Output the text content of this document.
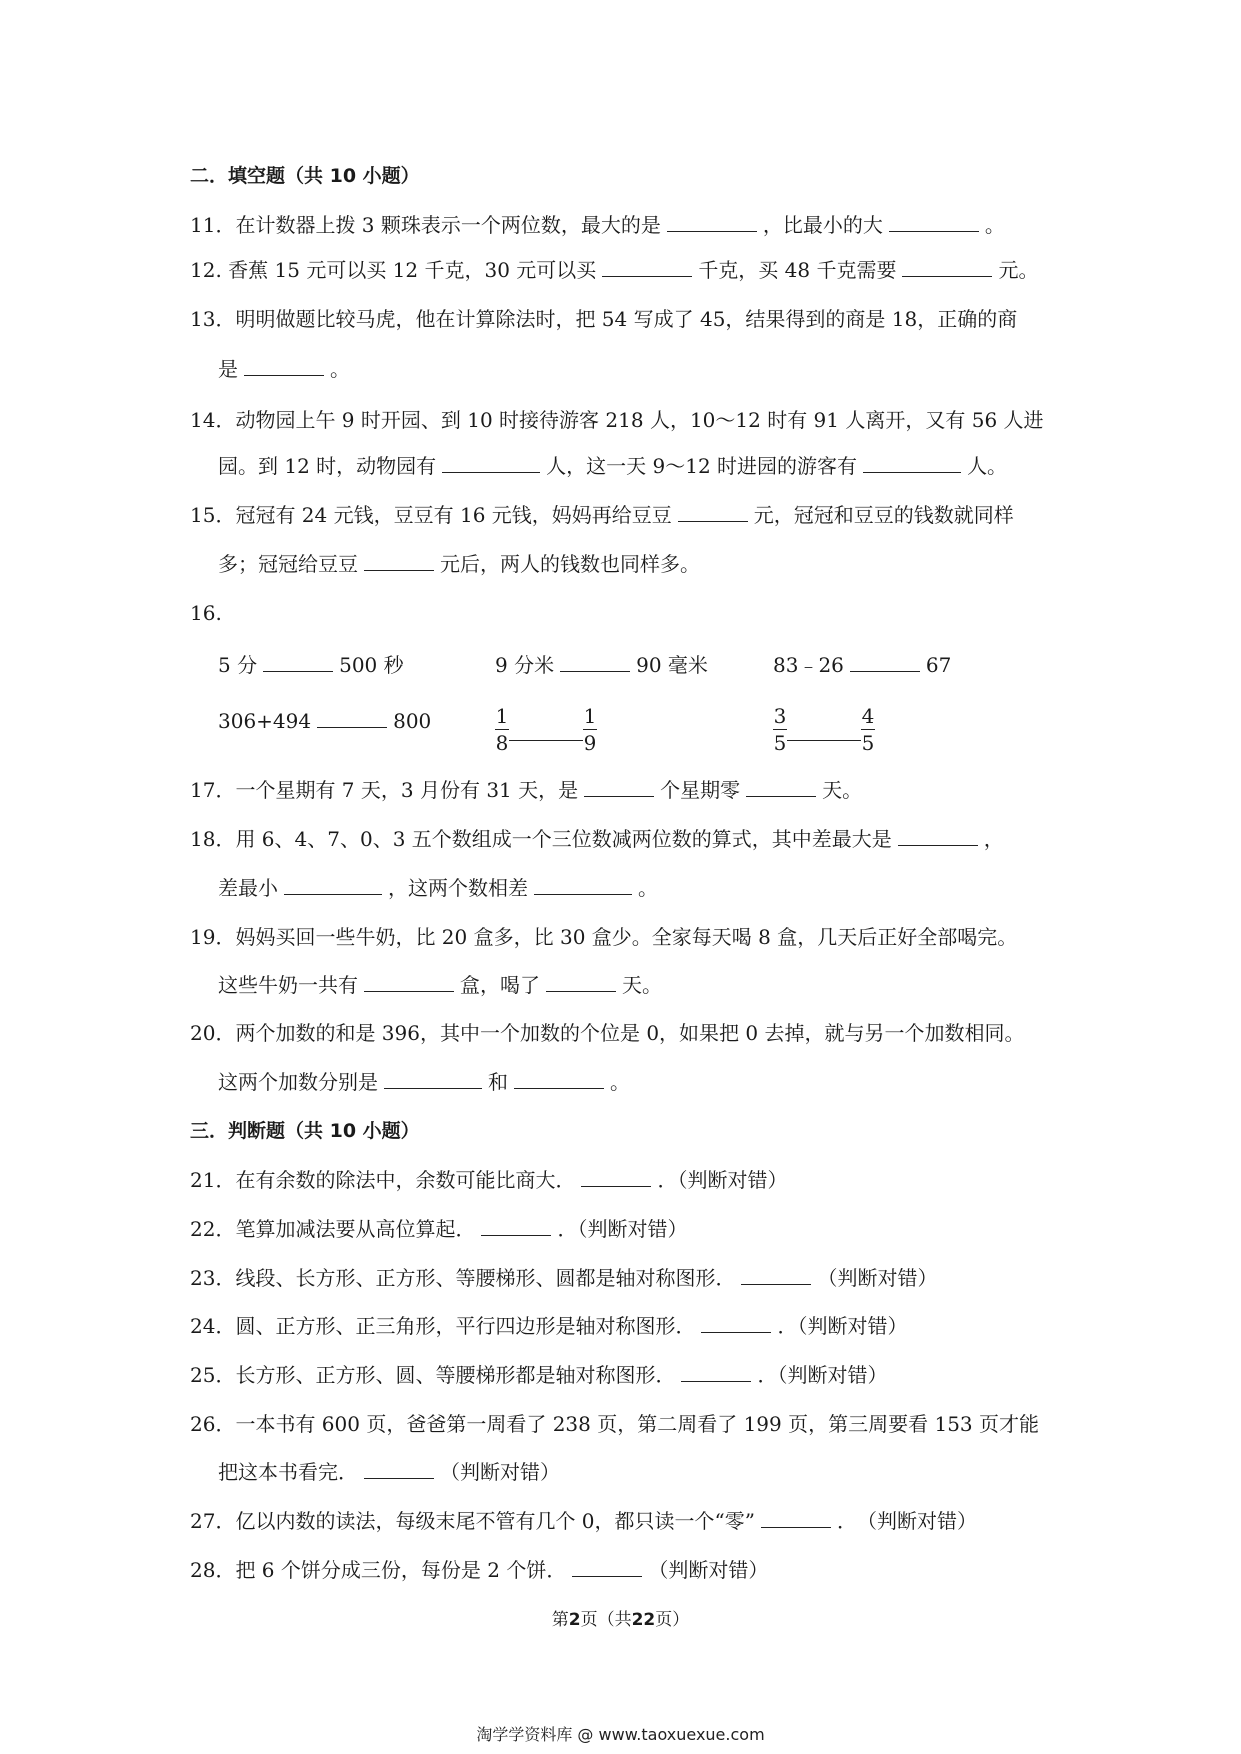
二．填空题（共 10 小题）
11．在计数器上拨 3 颗珠表示一个两位数，最大的是	，比最小的大	。
12. 香蕉 15 元可以买 12 千克，30 元可以买	千克，买 48 千克需要	元。
13．明明做题比较马虎，他在计算除法时，把 54 写成了 45，结果得到的商是 18，正确的商
是	。
14．动物园上午 9 时开园、到 10 时接待游客 218 人，10～12 时有 91 人离开，又有 56 人进
园。到 12 时，动物园有	人，这一天 9～12 时进园的游客有	人。
15．冠冠有 24 元钱，豆豆有 16 元钱，妈妈再给豆豆	元，冠冠和豆豆的钱数就同样
多；冠冠给豆豆	元后，两人的钱数也同样多。
16.
5 分	500 秒	9 分米	90 毫米	83﹣26	67
306+494	800	$\frac{1}{8}$	$\frac{1}{9}$	$\frac{3}{5}$	$\frac{4}{5}$
17．一个星期有 7 天，3 月份有 31 天，是	个星期零	天。
18．用 6、4、7、0、3 五个数组成一个三位数减两位数的算式，其中差最大是	，
差最小	，这两个数相差	。
19．妈妈买回一些牛奶，比 20 盒多，比 30 盒少。全家每天喝 8 盒，几天后正好全部喝完。
这些牛奶一共有	盒，喝了	天。
20．两个加数的和是 396，其中一个加数的个位是 0，如果把 0 去掉，就与另一个加数相同。
这两个加数分别是	和	。
三．判断题（共 10 小题）
21．在有余数的除法中，余数可能比商大．	．（判断对错）
22．笔算加减法要从高位算起．	．（判断对错）
23．线段、长方形、正方形、等腰梯形、圆都是轴对称图形．	（判断对错）
24．圆、正方形、正三角形，平行四边形是轴对称图形．	．（判断对错）
25．长方形、正方形、圆、等腰梯形都是轴对称图形．	．（判断对错）
26．一本书有 600 页，爸爸第一周看了 238 页，第二周看了 199 页，第三周要看 153 页才能
把这本书看完．	（判断对错）
27．亿以内数的读法，每级末尾不管有几个 0，都只读一个“零”	．　（判断对错）
28．把 6 个饼分成三份，每份是 2 个饼．	（判断对错）
第2页（共22页）
淘学学资料库 @ www.taoxuexue.com
